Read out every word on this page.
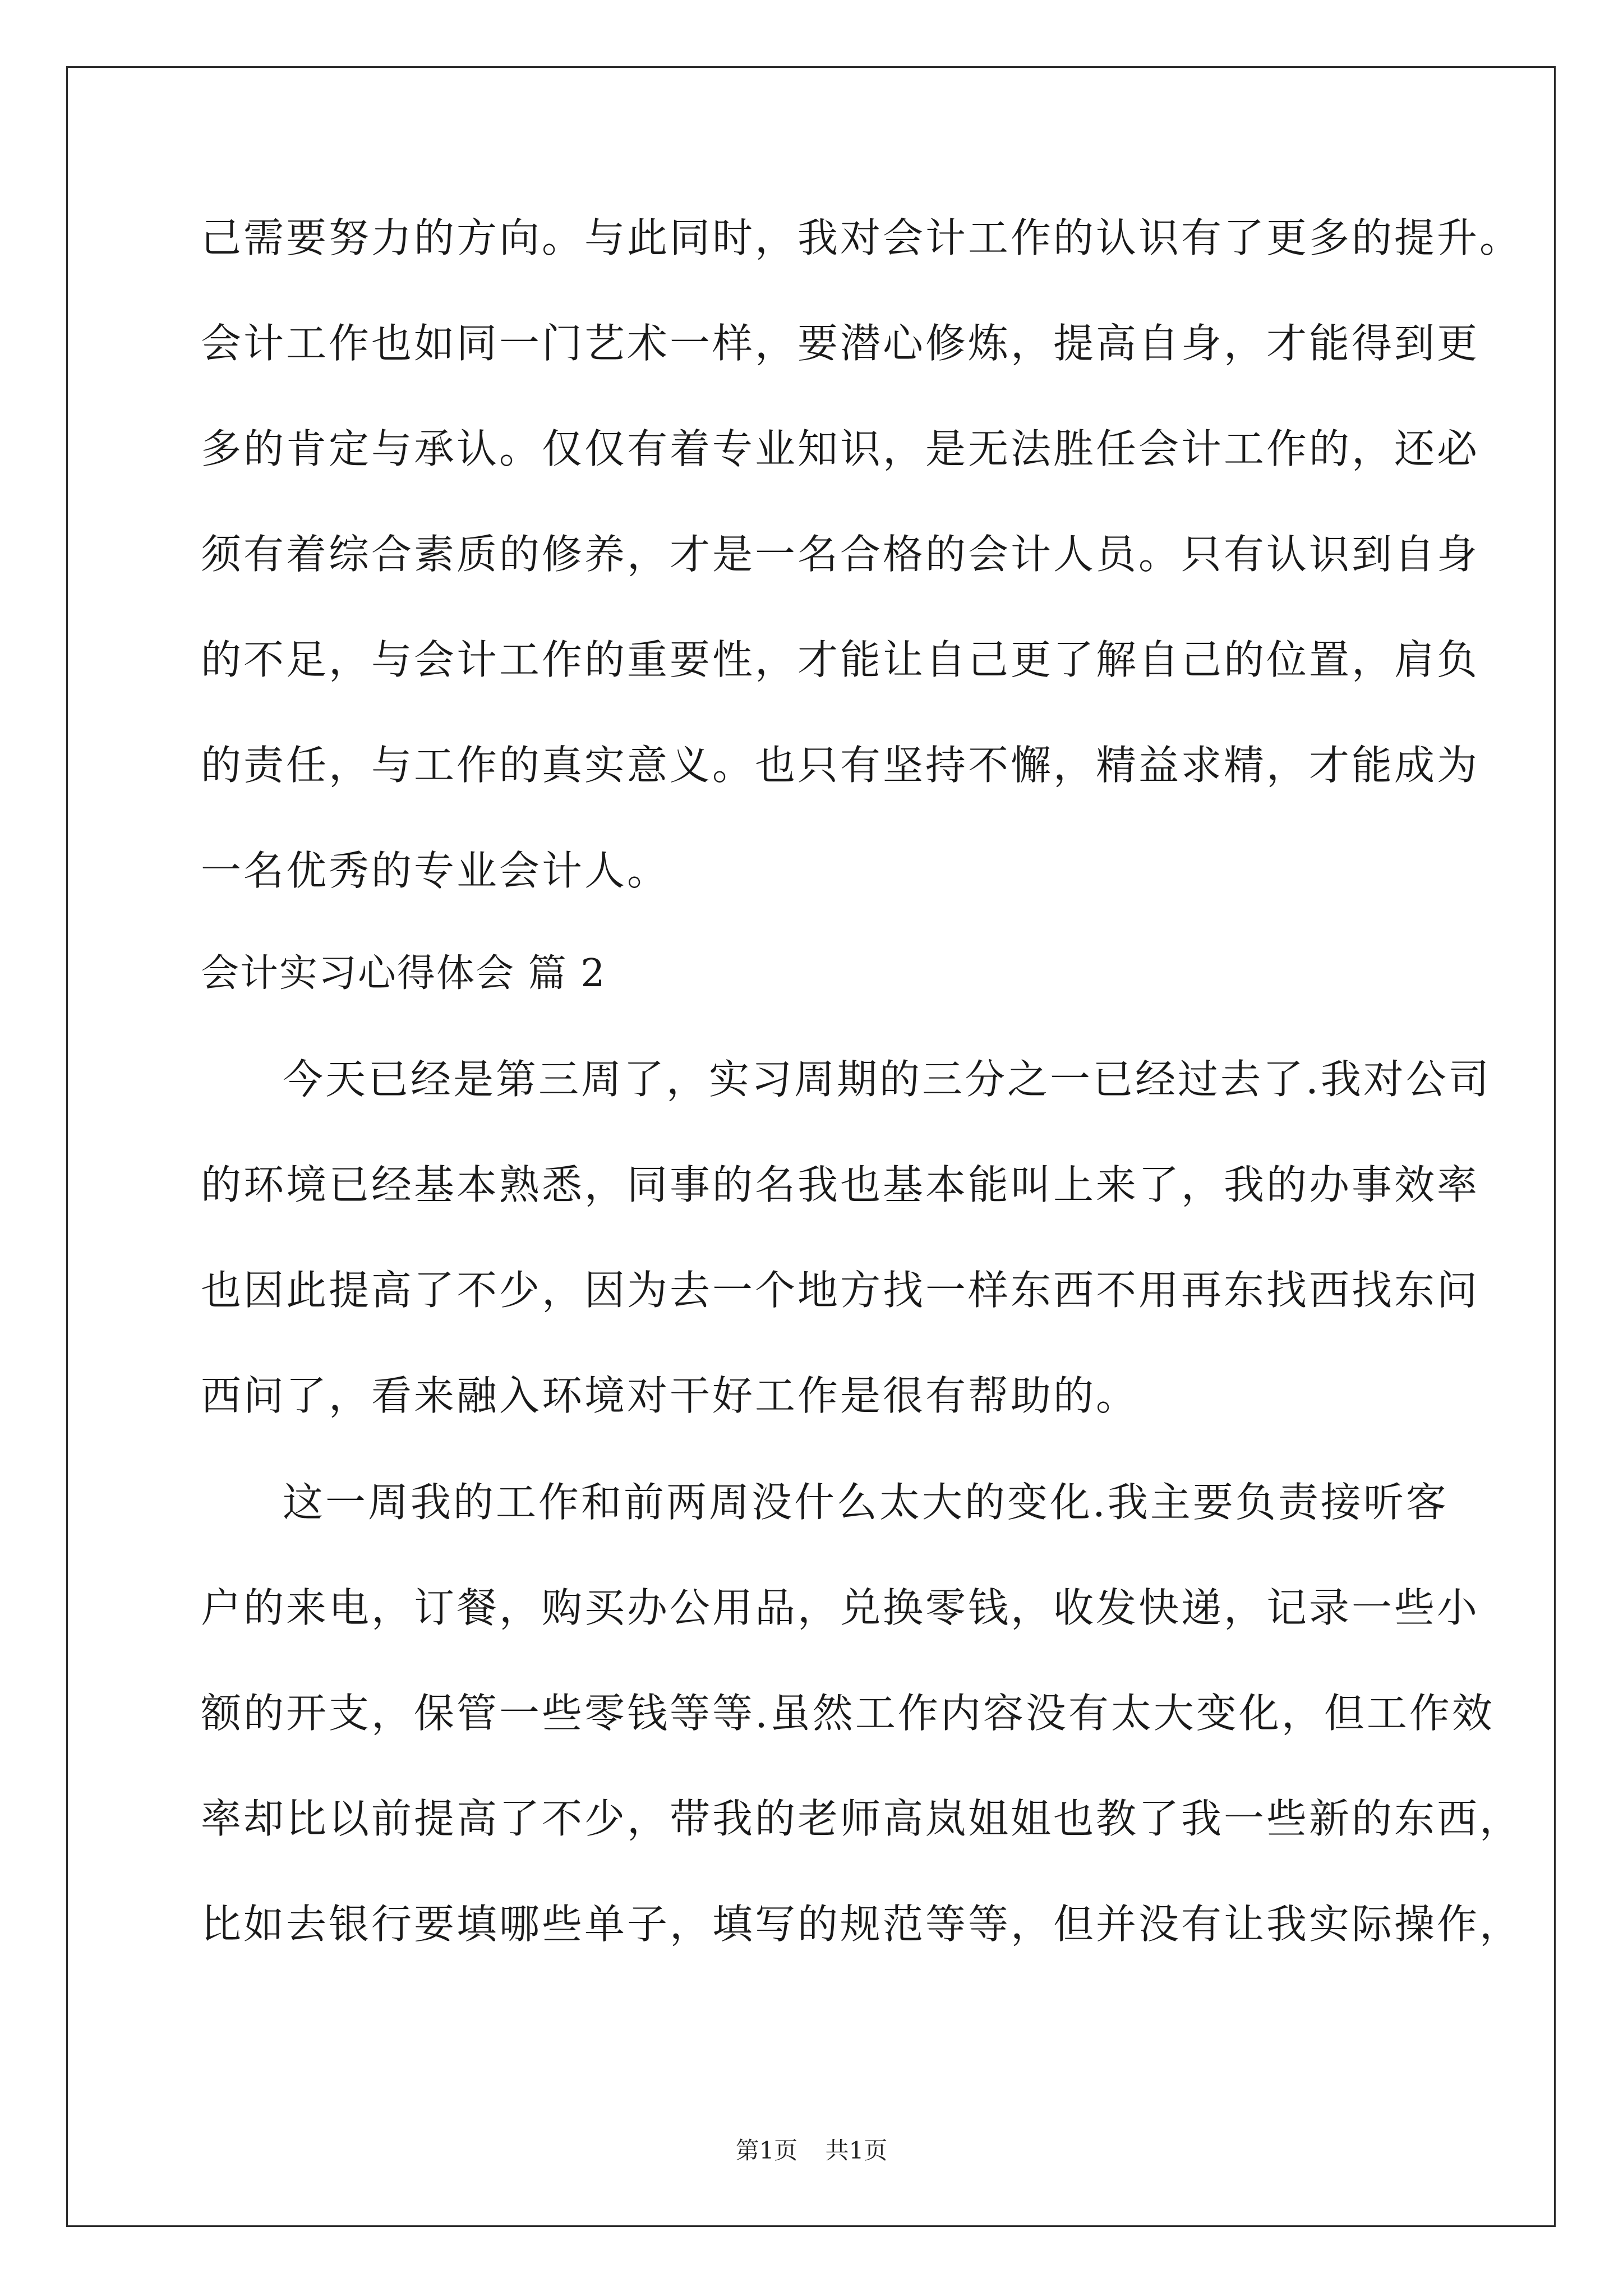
己需要努力的方向。与此同时，我对会计工作的认识有了更多的提升。
会计工作也如同一门艺术一样，要潜心修炼，提高自身，才能得到更
多的肯定与承认。仅仅有着专业知识，是无法胜任会计工作的，还必
须有着综合素质的修养，才是一名合格的会计人员。只有认识到自身
的不足，与会计工作的重要性，才能让自己更了解自己的位置，肩负
的责任，与工作的真实意义。也只有坚持不懈，精益求精，才能成为
一名优秀的专业会计人。
会计实习心得体会 篇 2
今天已经是第三周了，实习周期的三分之一已经过去了.我对公司
的环境已经基本熟悉，同事的名我也基本能叫上来了，我的办事效率
也因此提高了不少，因为去一个地方找一样东西不用再东找西找东问
西问了，看来融入环境对干好工作是很有帮助的。
这一周我的工作和前两周没什么太大的变化.我主要负责接听客
户的来电，订餐，购买办公用品，兑换零钱，收发快递，记录一些小
额的开支，保管一些零钱等等.虽然工作内容没有太大变化，但工作效
率却比以前提高了不少，带我的老师高岚姐姐也教了我一些新的东西，
比如去银行要填哪些单子，填写的规范等等，但并没有让我实际操作，
第1页 共1页
